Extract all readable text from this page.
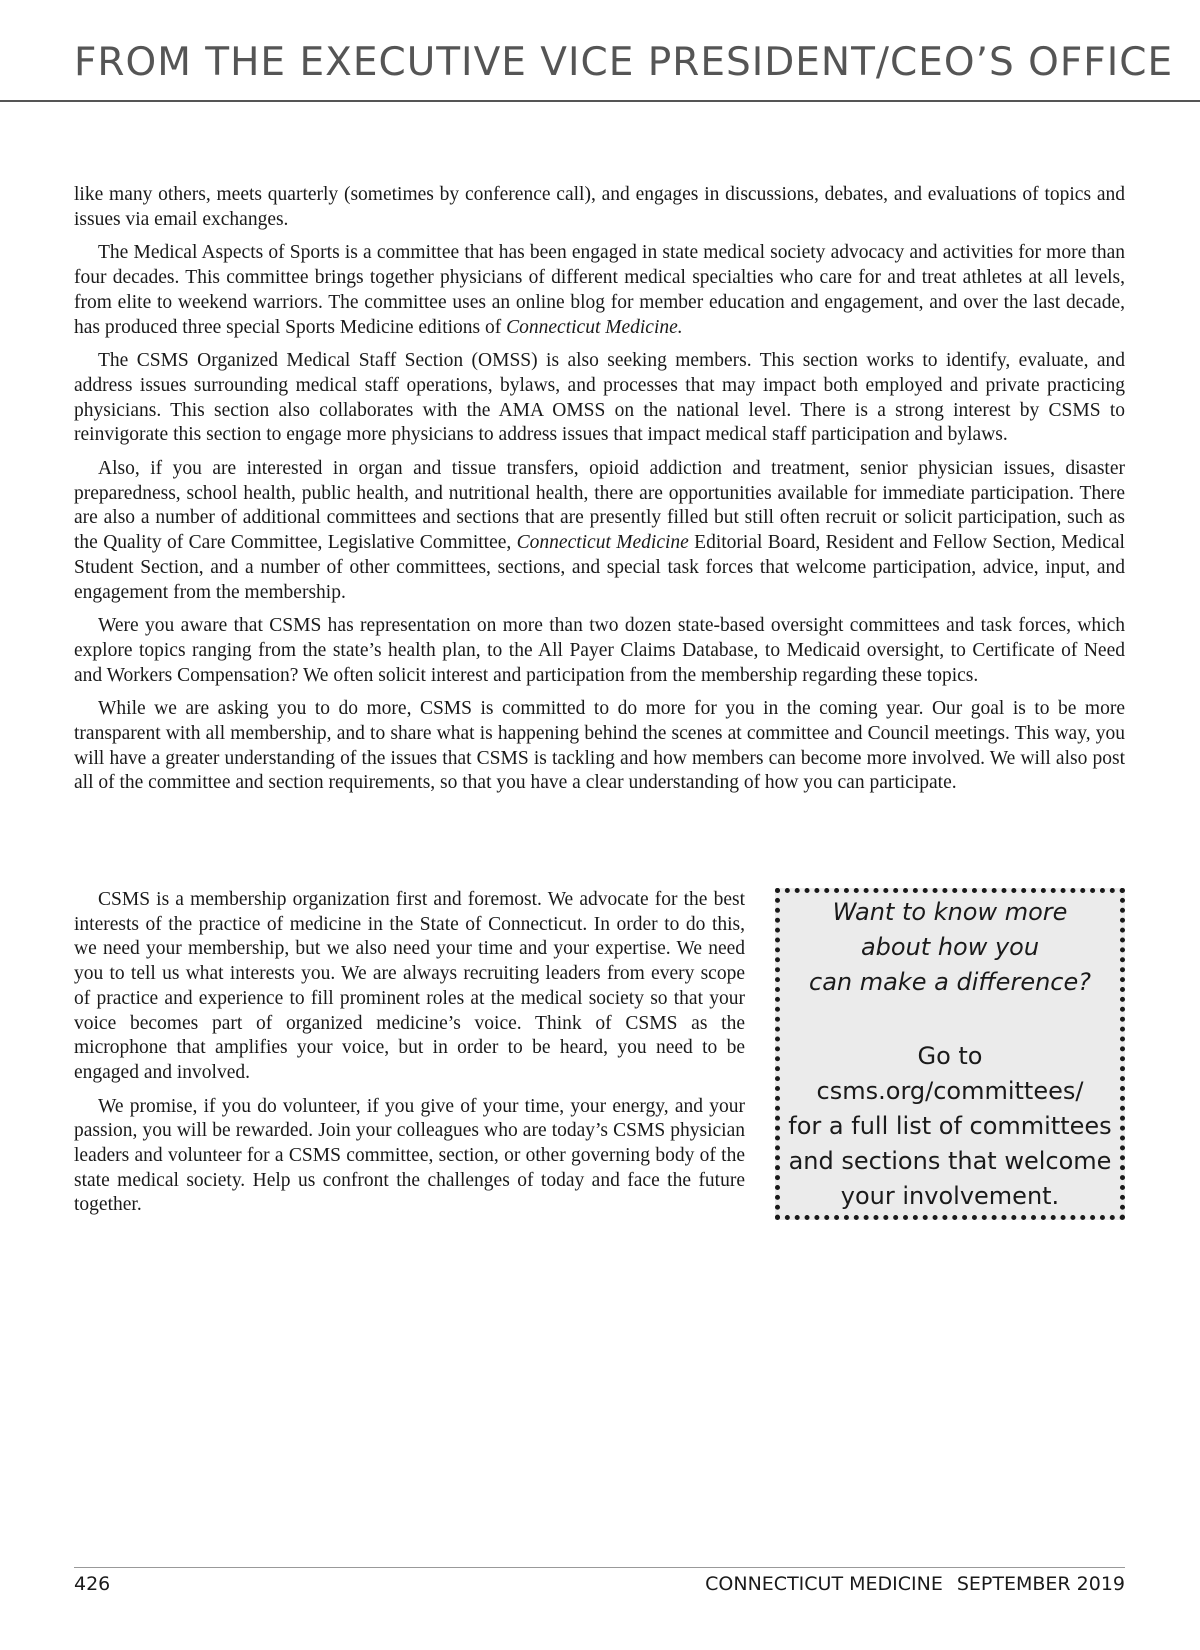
FROM THE EXECUTIVE VICE PRESIDENT/CEO’S OFFICE

like many others, meets quarterly (sometimes by conference call), and engages in discussions, debates, and evaluations of topics and issues via email exchanges.

The Medical Aspects of Sports is a committee that has been engaged in state medical society advocacy and activities for more than four decades. This committee brings together physicians of different medical specialties who care for and treat athletes at all levels, from elite to weekend warriors. The committee uses an online blog for member education and engagement, and over the last decade, has produced three special Sports Medicine editions of Connecticut Medicine.

The CSMS Organized Medical Staff Section (OMSS) is also seeking members. This section works to identify, evaluate, and address issues surrounding medical staff operations, bylaws, and processes that may impact both employed and private practicing physicians. This section also collaborates with the AMA OMSS on the national level. There is a strong interest by CSMS to reinvigorate this section to engage more physicians to address issues that impact medical staff participation and bylaws.

Also, if you are interested in organ and tissue transfers, opioid addiction and treatment, senior physician issues, disaster preparedness, school health, public health, and nutritional health, there are opportunities available for immediate participation. There are also a number of additional committees and sections that are presently filled but still often recruit or solicit participation, such as the Quality of Care Committee, Legislative Committee, Connecticut Medicine Editorial Board, Resident and Fellow Section, Medical Student Section, and a number of other committees, sections, and special task forces that welcome participation, advice, input, and engagement from the membership.

Were you aware that CSMS has representation on more than two dozen state-based oversight committees and task forces, which explore topics ranging from the state’s health plan, to the All Payer Claims Database, to Medicaid oversight, to Certificate of Need and Workers Compensation? We often solicit interest and participation from the membership regarding these topics.

While we are asking you to do more, CSMS is committed to do more for you in the coming year. Our goal is to be more transparent with all membership, and to share what is happening behind the scenes at committee and Council meetings. This way, you will have a greater understanding of the issues that CSMS is tackling and how members can become more involved. We will also post all of the committee and section requirements, so that you have a clear understanding of how you can participate.

CSMS is a membership organization first and foremost. We advocate for the best interests of the practice of medicine in the State of Connecticut. In order to do this, we need your membership, but we also need your time and your expertise. We need you to tell us what interests you. We are always recruiting leaders from every scope of practice and experience to fill prominent roles at the medical society so that your voice becomes part of organized medicine’s voice. Think of CSMS as the microphone that amplifies your voice, but in order to be heard, you need to be engaged and involved.

We promise, if you do volunteer, if you give of your time, your energy, and your passion, you will be rewarded. Join your colleagues who are today’s CSMS physician leaders and volunteer for a CSMS committee, section, or other governing body of the state medical society. Help us confront the challenges of today and face the future together.

Want to know more
about how you
can make a difference?
Go to
csms.org/committees/
for a full list of committees
and sections that welcome
your involvement.
426	CONNECTICUT MEDICINE SEPTEMBER 2019
